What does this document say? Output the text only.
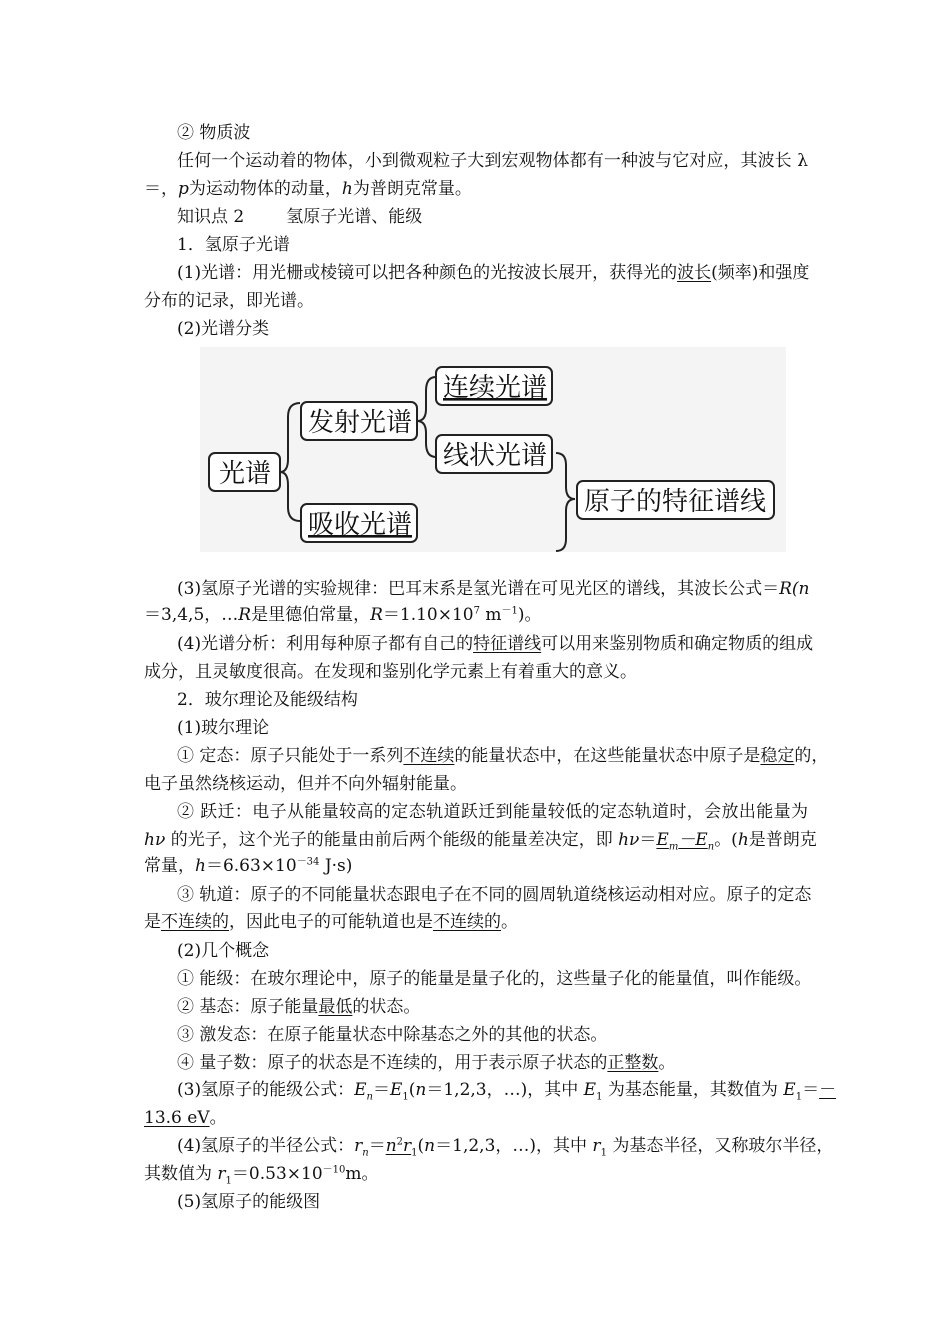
② 物质波
任何一个运动着的物体，小到微观粒子大到宏观物体都有一种波与它对应，其波长 λ
＝，p为运动物体的动量，h为普朗克常量。
知识点 2 氢原子光谱、能级
1．氢原子光谱
(1)光谱：用光栅或棱镜可以把各种颜色的光按波长展开，获得光的波长(频率)和强度
分布的记录，即光谱。
(2)光谱分类
光谱
发射光谱
吸收光谱
连续光谱
线状光谱
原子的特征谱线
(3)氢原子光谱的实验规律：巴耳末系是氢光谱在可见光区的谱线，其波长公式＝R(n
＝3,4,5，…R是里德伯常量，$R=1.10\times 10^7$ $m^{-1}$)。
(4)光谱分析：利用每种原子都有自己的特征谱线可以用来鉴别物质和确定物质的组成
成分，且灵敏度很高。在发现和鉴别化学元素上有着重大的意义。
2．玻尔理论及能级结构
(1)玻尔理论
① 定态：原子只能处于一系列不连续的能量状态中，在这些能量状态中原子是稳定的，
电子虽然绕核运动，但并不向外辐射能量。
② 跃迁：电子从能量较高的定态轨道跃迁到能量较低的定态轨道时，会放出能量为
hν 的光子，这个光子的能量由前后两个能级的能量差决定，即 $h\nu=E_m-E_n$。(h是普朗克
常量，$h=6.63\times 10^{-34}$ J·s)
③ 轨道：原子的不同能量状态跟电子在不同的圆周轨道绕核运动相对应。原子的定态
是不连续的，因此电子的可能轨道也是不连续的。
(2)几个概念
① 能级：在玻尔理论中，原子的能量是量子化的，这些量子化的能量值，叫作能级。
② 基态：原子能量最低的状态。
③ 激发态：在原子能量状态中除基态之外的其他的状态。
④ 量子数：原子的状态是不连续的，用于表示原子状态的正整数。
(3)氢原子的能级公式：$E_n=E_1(n=1,2,3$，…)，其中 $E_1$ 为基态能量，其数值为 $E_1=-$
13.6 eV。
(4)氢原子的半径公式：$r_n=n^2r_1(n=1,2,3$，…)，其中 $r_1$ 为基态半径，又称玻尔半径，
其数值为 $r_1=0.53\times 10^{-10}m$。
(5)氢原子的能级图
